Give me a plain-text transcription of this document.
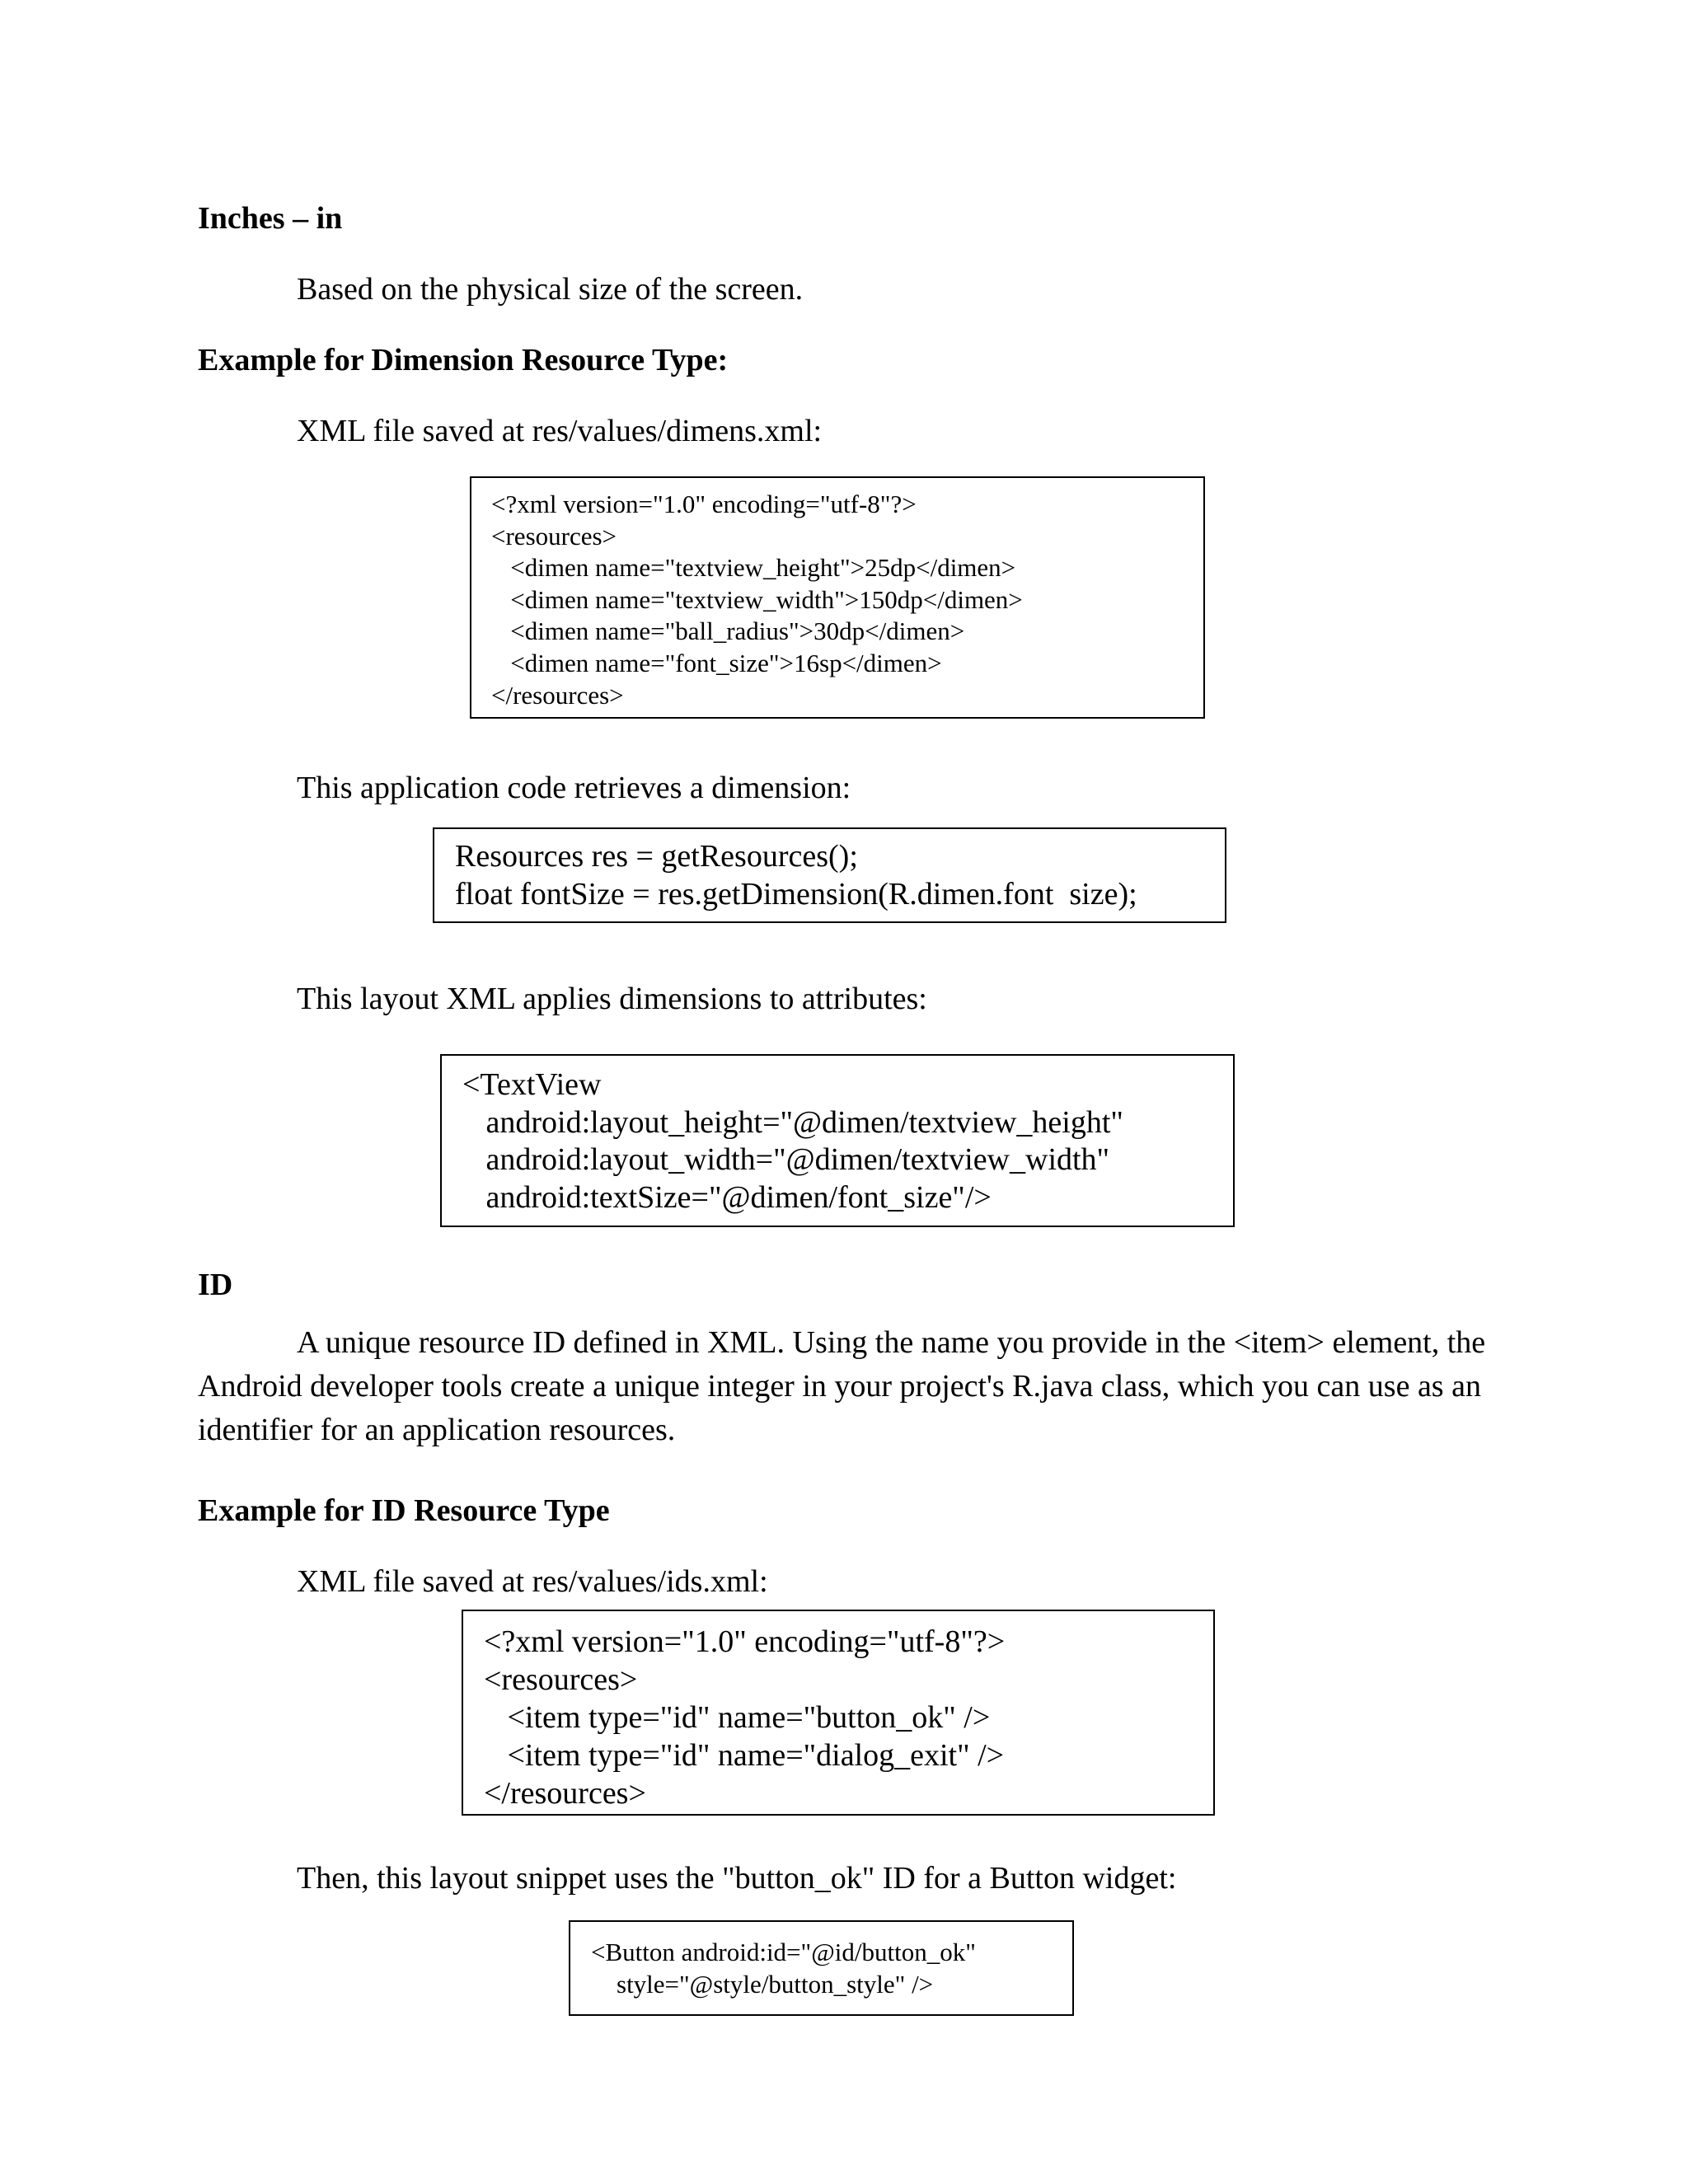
Inches – in
Based on the physical size of the screen.
Example for Dimension Resource Type:
XML file saved at res/values/dimens.xml:
<?xml version="1.0" encoding="utf-8"?>
<resources>
<dimen name="textview_height">25dp</dimen>
<dimen name="textview_width">150dp</dimen>
<dimen name="ball_radius">30dp</dimen>
<dimen name="font_size">16sp</dimen>
</resources>
This application code retrieves a dimension:
Resources res = getResources();
float fontSize = res.getDimension(R.dimen.font  size);
This layout XML applies dimensions to attributes:
<TextView
android:layout_height="@dimen/textview_height"
android:layout_width="@dimen/textview_width"
android:textSize="@dimen/font_size"/>
ID
A unique resource ID defined in XML. Using the name you provide in the <item> element, the Android developer tools create a unique integer in your project's R.java class, which you can use as an identifier for an application resources.
Example for ID Resource Type
XML file saved at res/values/ids.xml:
<?xml version="1.0" encoding="utf-8"?>
<resources>
<item type="id" name="button_ok" />
<item type="id" name="dialog_exit" />
</resources>
Then, this layout snippet uses the "button_ok" ID for a Button widget:
<Button android:id="@id/button_ok"
style="@style/button_style" />
